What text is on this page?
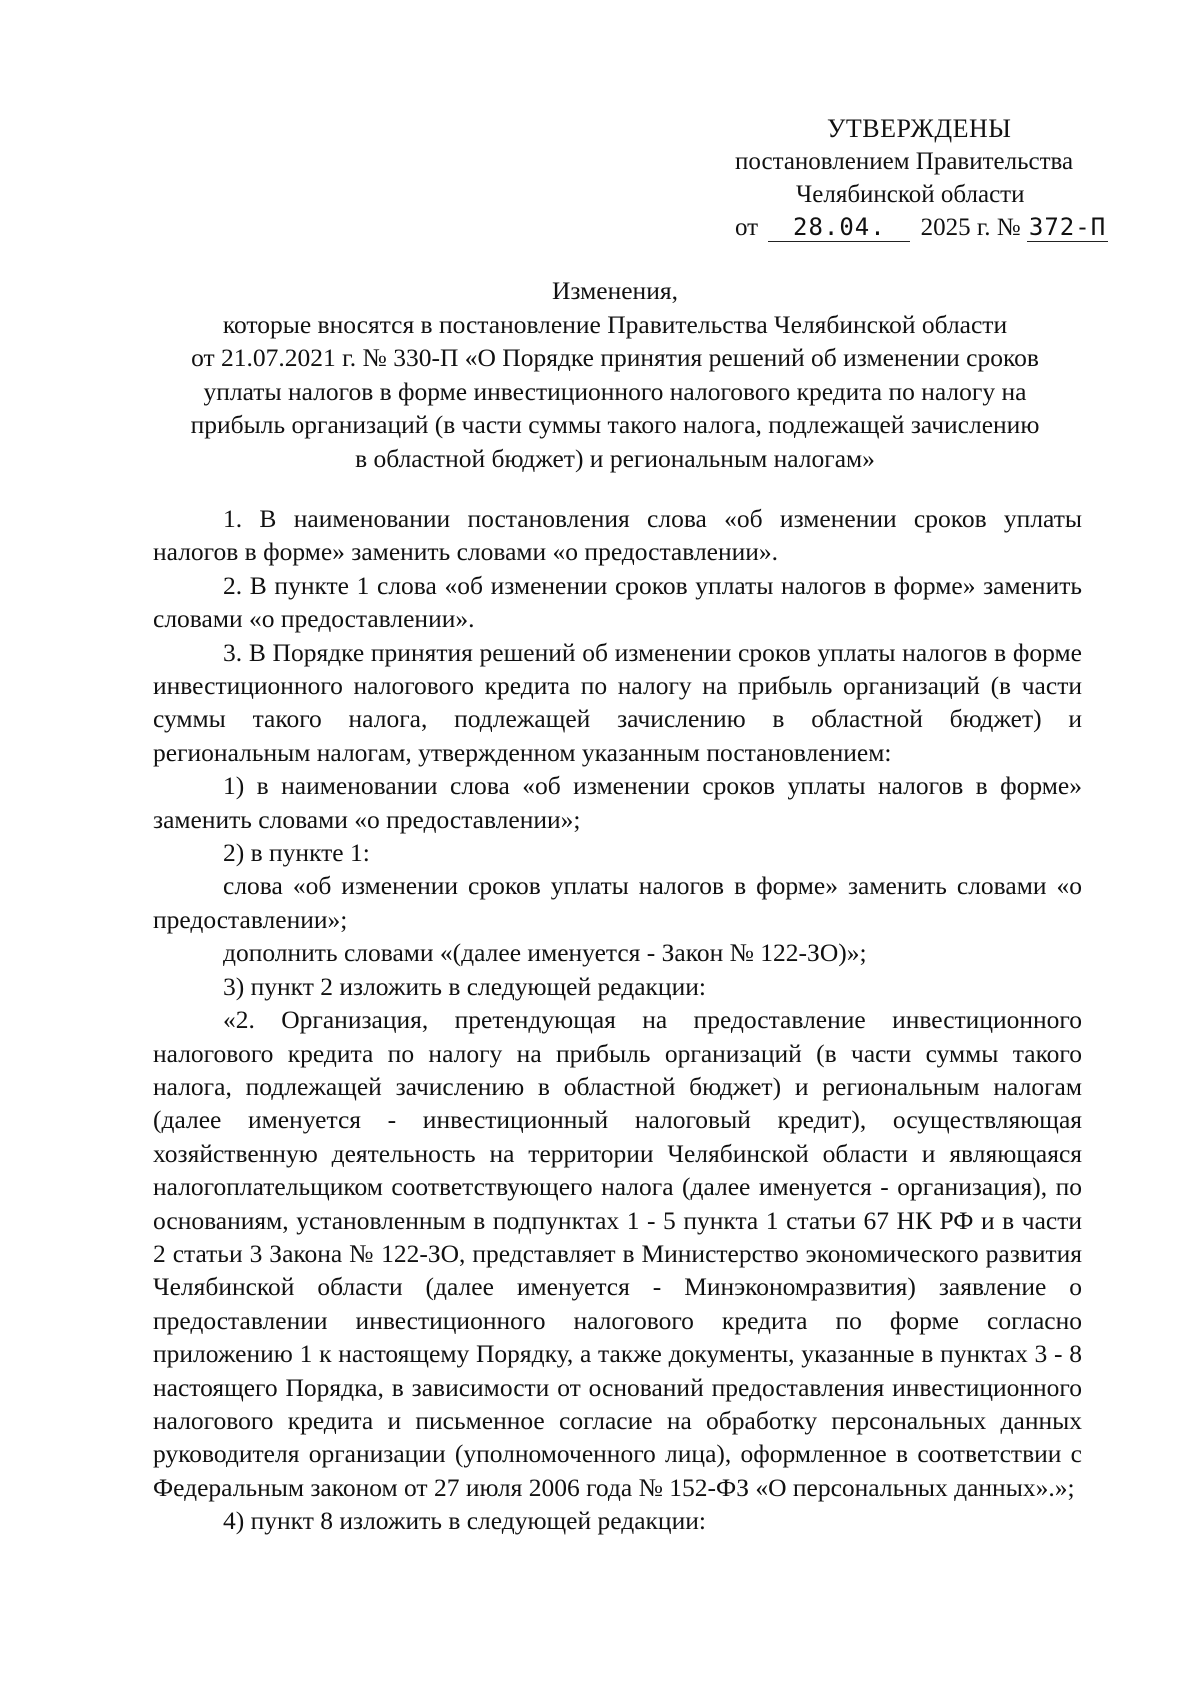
УТВЕРЖДЕНЫ
постановлением Правительства
Челябинской области
от 28.04. 2025 г. № 372-П
Изменения,
которые вносятся в постановление Правительства Челябинской области
от 21.07.2021 г. № 330-П «О Порядке принятия решений об изменении сроков
уплаты налогов в форме инвестиционного налогового кредита по налогу на
прибыль организаций (в части суммы такого налога, подлежащей зачислению
в областной бюджет) и региональным налогам»

1. В наименовании постановления слова «об изменении сроков уплаты налогов в форме» заменить словами «о предоставлении».

2. В пункте 1 слова «об изменении сроков уплаты налогов в форме» заменить словами «о предоставлении».

3. В Порядке принятия решений об изменении сроков уплаты налогов в форме инвестиционного налогового кредита по налогу на прибыль организаций (в части суммы такого налога, подлежащей зачислению в областной бюджет) и региональным налогам, утвержденном указанным постановлением:

1) в наименовании слова «об изменении сроков уплаты налогов в форме» заменить словами «о предоставлении»;

2) в пункте 1:

слова «об изменении сроков уплаты налогов в форме» заменить словами «о предоставлении»;

дополнить словами «(далее именуется - Закон № 122-ЗО)»;

3) пункт 2 изложить в следующей редакции:

«2. Организация, претендующая на предоставление инвестиционного налогового кредита по налогу на прибыль организаций (в части суммы такого налога, подлежащей зачислению в областной бюджет) и региональным налогам (далее именуется - инвестиционный налоговый кредит), осуществляющая хозяйственную деятельность на территории Челябинской области и являющаяся налогоплательщиком соответствующего налога (далее именуется - организация), по основаниям, установленным в подпунктах 1 - 5 пункта 1 статьи 67 НК РФ и в части 2 статьи 3 Закона № 122-ЗО, представляет в Министерство экономического развития Челябинской области (далее именуется - Минэкономразвития) заявление о предоставлении инвестиционного налогового кредита по форме согласно приложению 1 к настоящему Порядку, а также документы, указанные в пунктах 3 - 8 настоящего Порядка, в зависимости от оснований предоставления инвестиционного налогового кредита и письменное согласие на обработку персональных данных руководителя организации (уполномоченного лица), оформленное в соответствии с Федеральным законом от 27 июля 2006 года № 152-ФЗ «О персональных данных».»;

4) пункт 8 изложить в следующей редакции:
